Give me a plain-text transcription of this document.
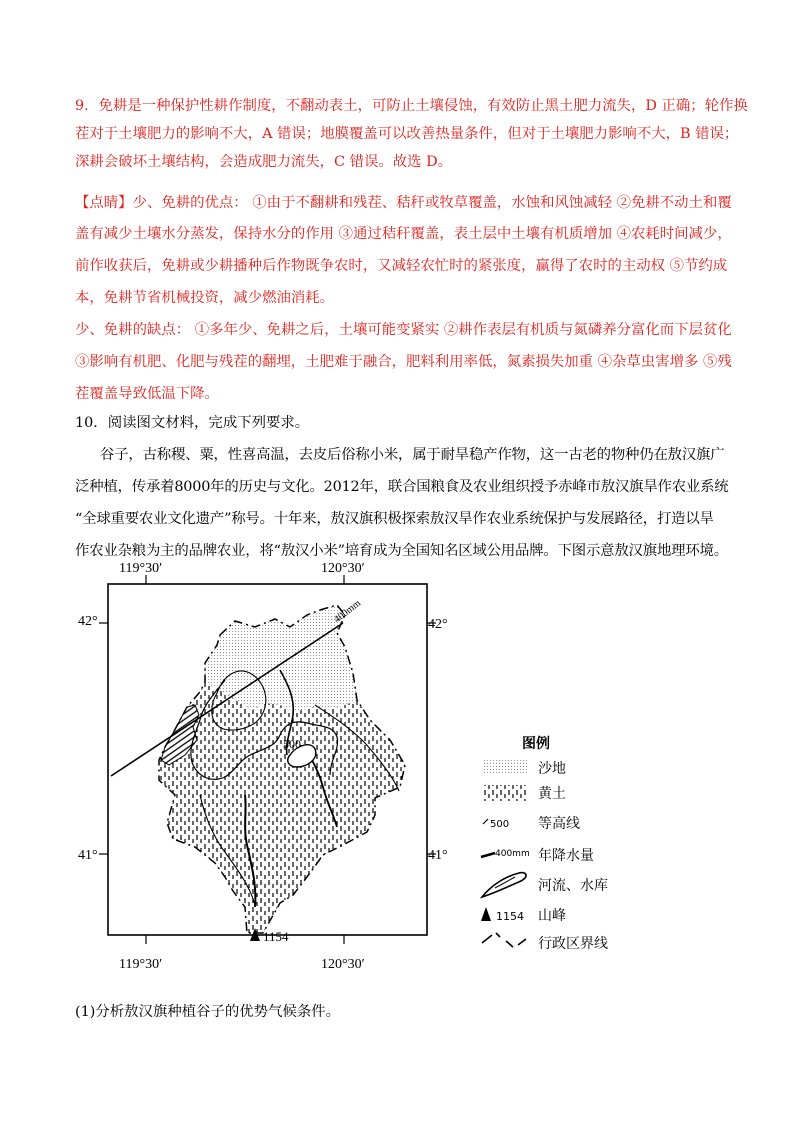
9．免耕是一种保护性耕作制度，不翻动表土，可防止土壤侵蚀，有效防止黑土肥力流失，D 正确；轮作换

茬对于土壤肥力的影响不大，A 错误；地膜覆盖可以改善热量条件，但对于土壤肥力影响不大，B 错误；

深耕会破坏土壤结构，会造成肥力流失，C 错误。故选 D。

【点睛】少、免耕的优点： ①由于不翻耕和残茬、秸秆或牧草覆盖，水蚀和风蚀减轻 ②免耕不动土和覆

盖有减少土壤水分蒸发，保持水分的作用 ③通过秸秆覆盖，表土层中土壤有机质增加 ④农耗时间减少，

前作收获后，免耕或少耕播种后作物既争农时，又减轻农忙时的紧张度，赢得了农时的主动权 ⑤节约成

本，免耕节省机械投资，减少燃油消耗。

少、免耕的缺点： ①多年少、免耕之后，土壤可能变紧实 ②耕作表层有机质与氮磷养分富化而下层贫化

③影响有机肥、化肥与残茬的翻埋，土肥难于融合，肥料利用率低，氮素损失加重 ④杂草虫害增多 ⑤残

茬覆盖导致低温下降。

10．阅读图文材料，完成下列要求。

谷子，古称稷、粟，性喜高温，去皮后俗称小米，属于耐旱稳产作物，这一古老的物种仍在敖汉旗广

泛种植，传承着8000年的历史与文化。2012年，联合国粮食及农业组织授予赤峰市敖汉旗旱作农业系统

“全球重要农业文化遗产”称号。十年来，敖汉旗积极探索敖汉旱作农业系统保护与发展路径，打造以旱

作农业杂粮为主的品牌农业，将“敖汉小米”培育成为全国知名区域公用品牌。下图示意敖汉旗地理环境。

119°30′	120°30′
119°30′	120°30′
42°
41°
42°
41°
400mm
500
1154
图例
沙地
黄土
500 等高线
400mm 年降水量
河流、水库
1154 山峰
行政区界线

(1)分析敖汉旗种植谷子的优势气候条件。
